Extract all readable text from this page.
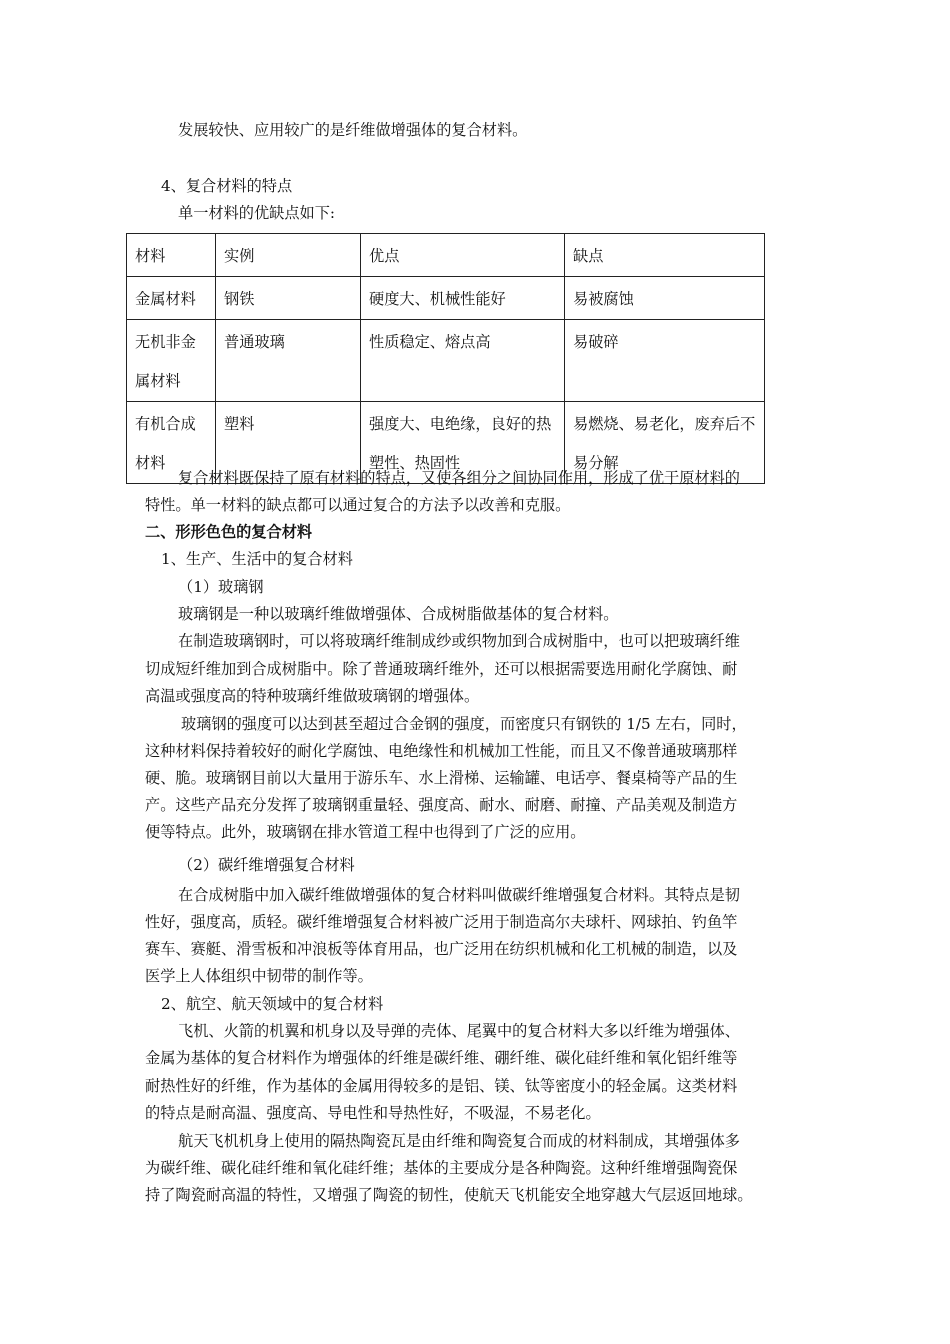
发展较快、应用较广的是纤维做增强体的复合材料。
4、复合材料的特点
单一材料的优缺点如下:
材料	实例	优点	缺点
金属材料	钢铁	硬度大、机械性能好	易被腐蚀
无机非金属材料	普通玻璃	性质稳定、熔点高	易破碎
有机合成材料	塑料	强度大、电绝缘，良好的热塑性、热固性	易燃烧、易老化，废弃后不易分解
复合材料既保持了原有材料的特点，又使各组分之间协同作用，形成了优于原材料的
特性。单一材料的缺点都可以通过复合的方法予以改善和克服。
二、形形色色的复合材料
1、生产、生活中的复合材料
（1）玻璃钢
玻璃钢是一种以玻璃纤维做增强体、合成树脂做基体的复合材料。
在制造玻璃钢时，可以将玻璃纤维制成纱或织物加到合成树脂中，也可以把玻璃纤维
切成短纤维加到合成树脂中。除了普通玻璃纤维外，还可以根据需要选用耐化学腐蚀、耐
高温或强度高的特种玻璃纤维做玻璃钢的增强体。
玻璃钢的强度可以达到甚至超过合金钢的强度，而密度只有钢铁的 1/5 左右，同时，
这种材料保持着较好的耐化学腐蚀、电绝缘性和机械加工性能，而且又不像普通玻璃那样
硬、脆。玻璃钢目前以大量用于游乐车、水上滑梯、运输罐、电话亭、餐桌椅等产品的生
产。这些产品充分发挥了玻璃钢重量轻、强度高、耐水、耐磨、耐撞、产品美观及制造方
便等特点。此外，玻璃钢在排水管道工程中也得到了广泛的应用。
（2）碳纤维增强复合材料
在合成树脂中加入碳纤维做增强体的复合材料叫做碳纤维增强复合材料。其特点是韧
性好，强度高，质轻。碳纤维增强复合材料被广泛用于制造高尔夫球杆、网球拍、钓鱼竿
赛车、赛艇、滑雪板和冲浪板等体育用品，也广泛用在纺织机械和化工机械的制造，以及
医学上人体组织中韧带的制作等。
2、航空、航天领域中的复合材料
飞机、火箭的机翼和机身以及导弹的壳体、尾翼中的复合材料大多以纤维为增强体、
金属为基体的复合材料作为增强体的纤维是碳纤维、硼纤维、碳化硅纤维和氧化铝纤维等
耐热性好的纤维，作为基体的金属用得较多的是铝、镁、钛等密度小的轻金属。这类材料
的特点是耐高温、强度高、导电性和导热性好，不吸湿，不易老化。
航天飞机机身上使用的隔热陶瓷瓦是由纤维和陶瓷复合而成的材料制成，其增强体多
为碳纤维、碳化硅纤维和氧化硅纤维；基体的主要成分是各种陶瓷。这种纤维增强陶瓷保
持了陶瓷耐高温的特性，又增强了陶瓷的韧性，使航天飞机能安全地穿越大气层返回地球。
